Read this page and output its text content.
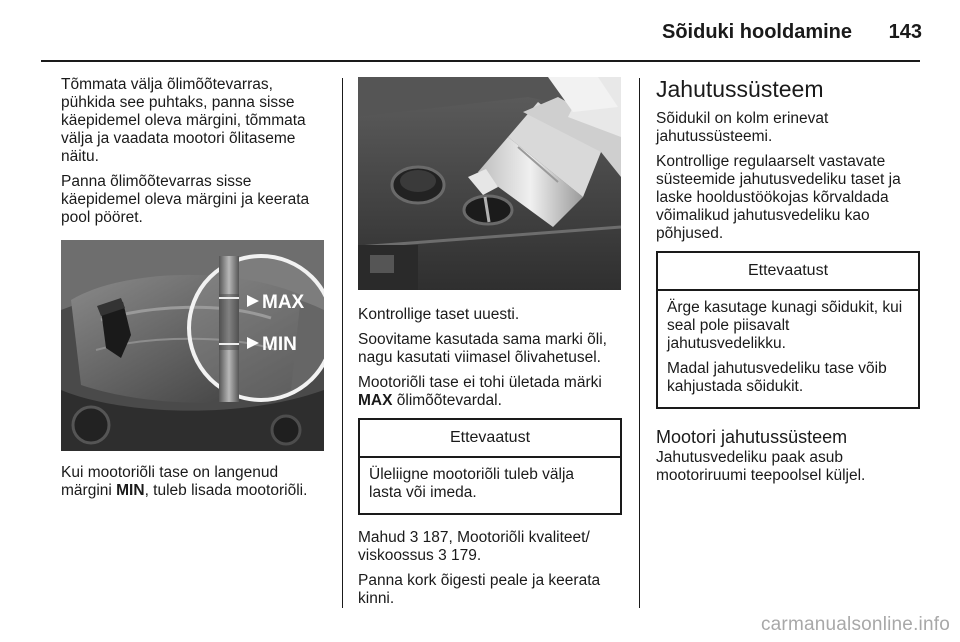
Sõiduki hooldamine 143

Tõmmata välja õlimõõtevarras, pühkida see puhtaks, panna sisse käepidemel oleva märgini, tõmmata välja ja vaadata mootori õlitaseme näitu.

Panna õlimõõtevarras sisse käepidemel oleva märgini ja keerata pool pööret.

MAX
MIN

Kui mootoriõli tase on langenud märgini MIN, tuleb lisada mootoriõli.

Kontrollige taset uuesti.

Soovitame kasutada sama marki õli, nagu kasutati viimasel õlivahetusel.

Mootoriõli tase ei tohi ületada märki MAX õlimõõtevardal.

Ettevaatust

Üleliigne mootoriõli tuleb välja lasta või imeda.

Mahud 3 187, Mootoriõli kvaliteet/ viskoossus 3 179.

Panna kork õigesti peale ja keerata kinni.

Jahutussüsteem

Sõidukil on kolm erinevat jahutussüsteemi.

Kontrollige regulaarselt vastavate süsteemide jahutusvedeliku taset ja laske hooldustöökojas kõrvaldada võimalikud jahutusvedeliku kao põhjused.

Ettevaatust

Ärge kasutage kunagi sõidukit, kui seal pole piisavalt jahutusvedelikku.

Madal jahutusvedeliku tase võib kahjustada sõidukit.

Mootori jahutussüsteem

Jahutusvedeliku paak asub mootoriruumi teepoolsel küljel.

carmanualsonline.info
